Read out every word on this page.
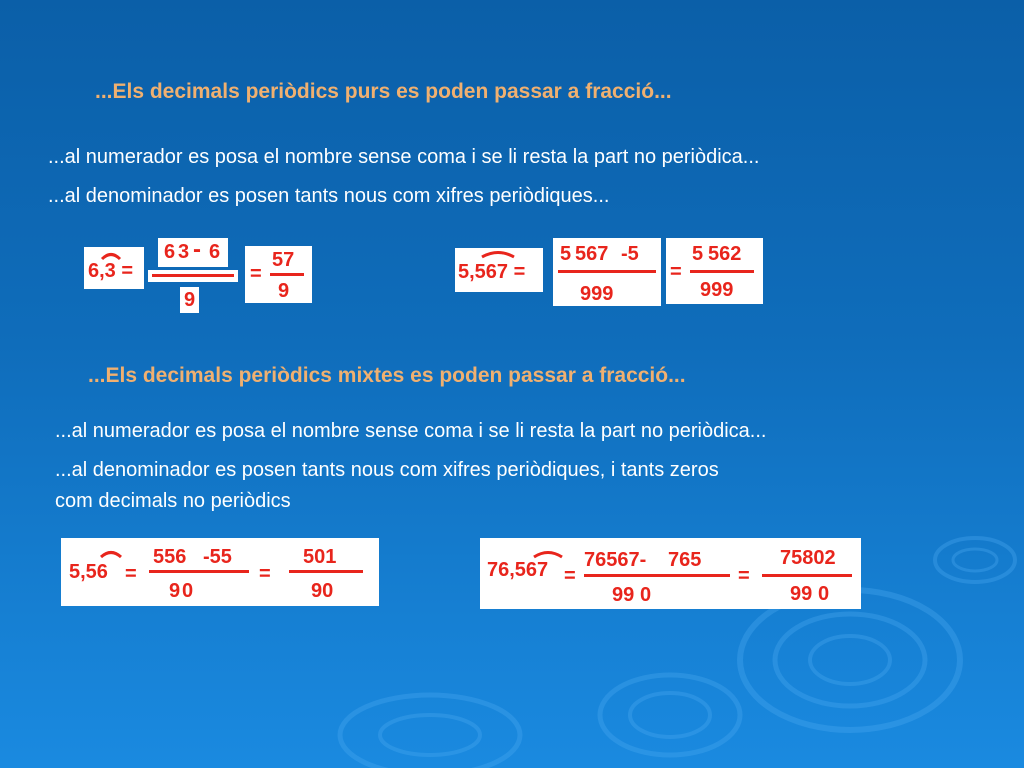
...Els decimals periòdics purs es poden passar a fracció...
...al numerador es posa el nombre sense coma i se li resta la part no periòdica...
...al denominador es posen tants nous com xifres periòdiques...
6,3 =
6 3 - 6
9
=
57
9
5,567 =
5 567 -5
999
=
5 562
999
...Els decimals periòdics mixtes es poden passar a fracció...
...al numerador es posa el nombre sense coma i se li resta la part no periòdica...
...al denominador es posen tants nous com xifres periòdiques, i tants zeros
com decimals no periòdics
5,56 =
556 -55
9 0
=
501
90
76,567 =
76567- 765
99 0
=
75802
99 0
